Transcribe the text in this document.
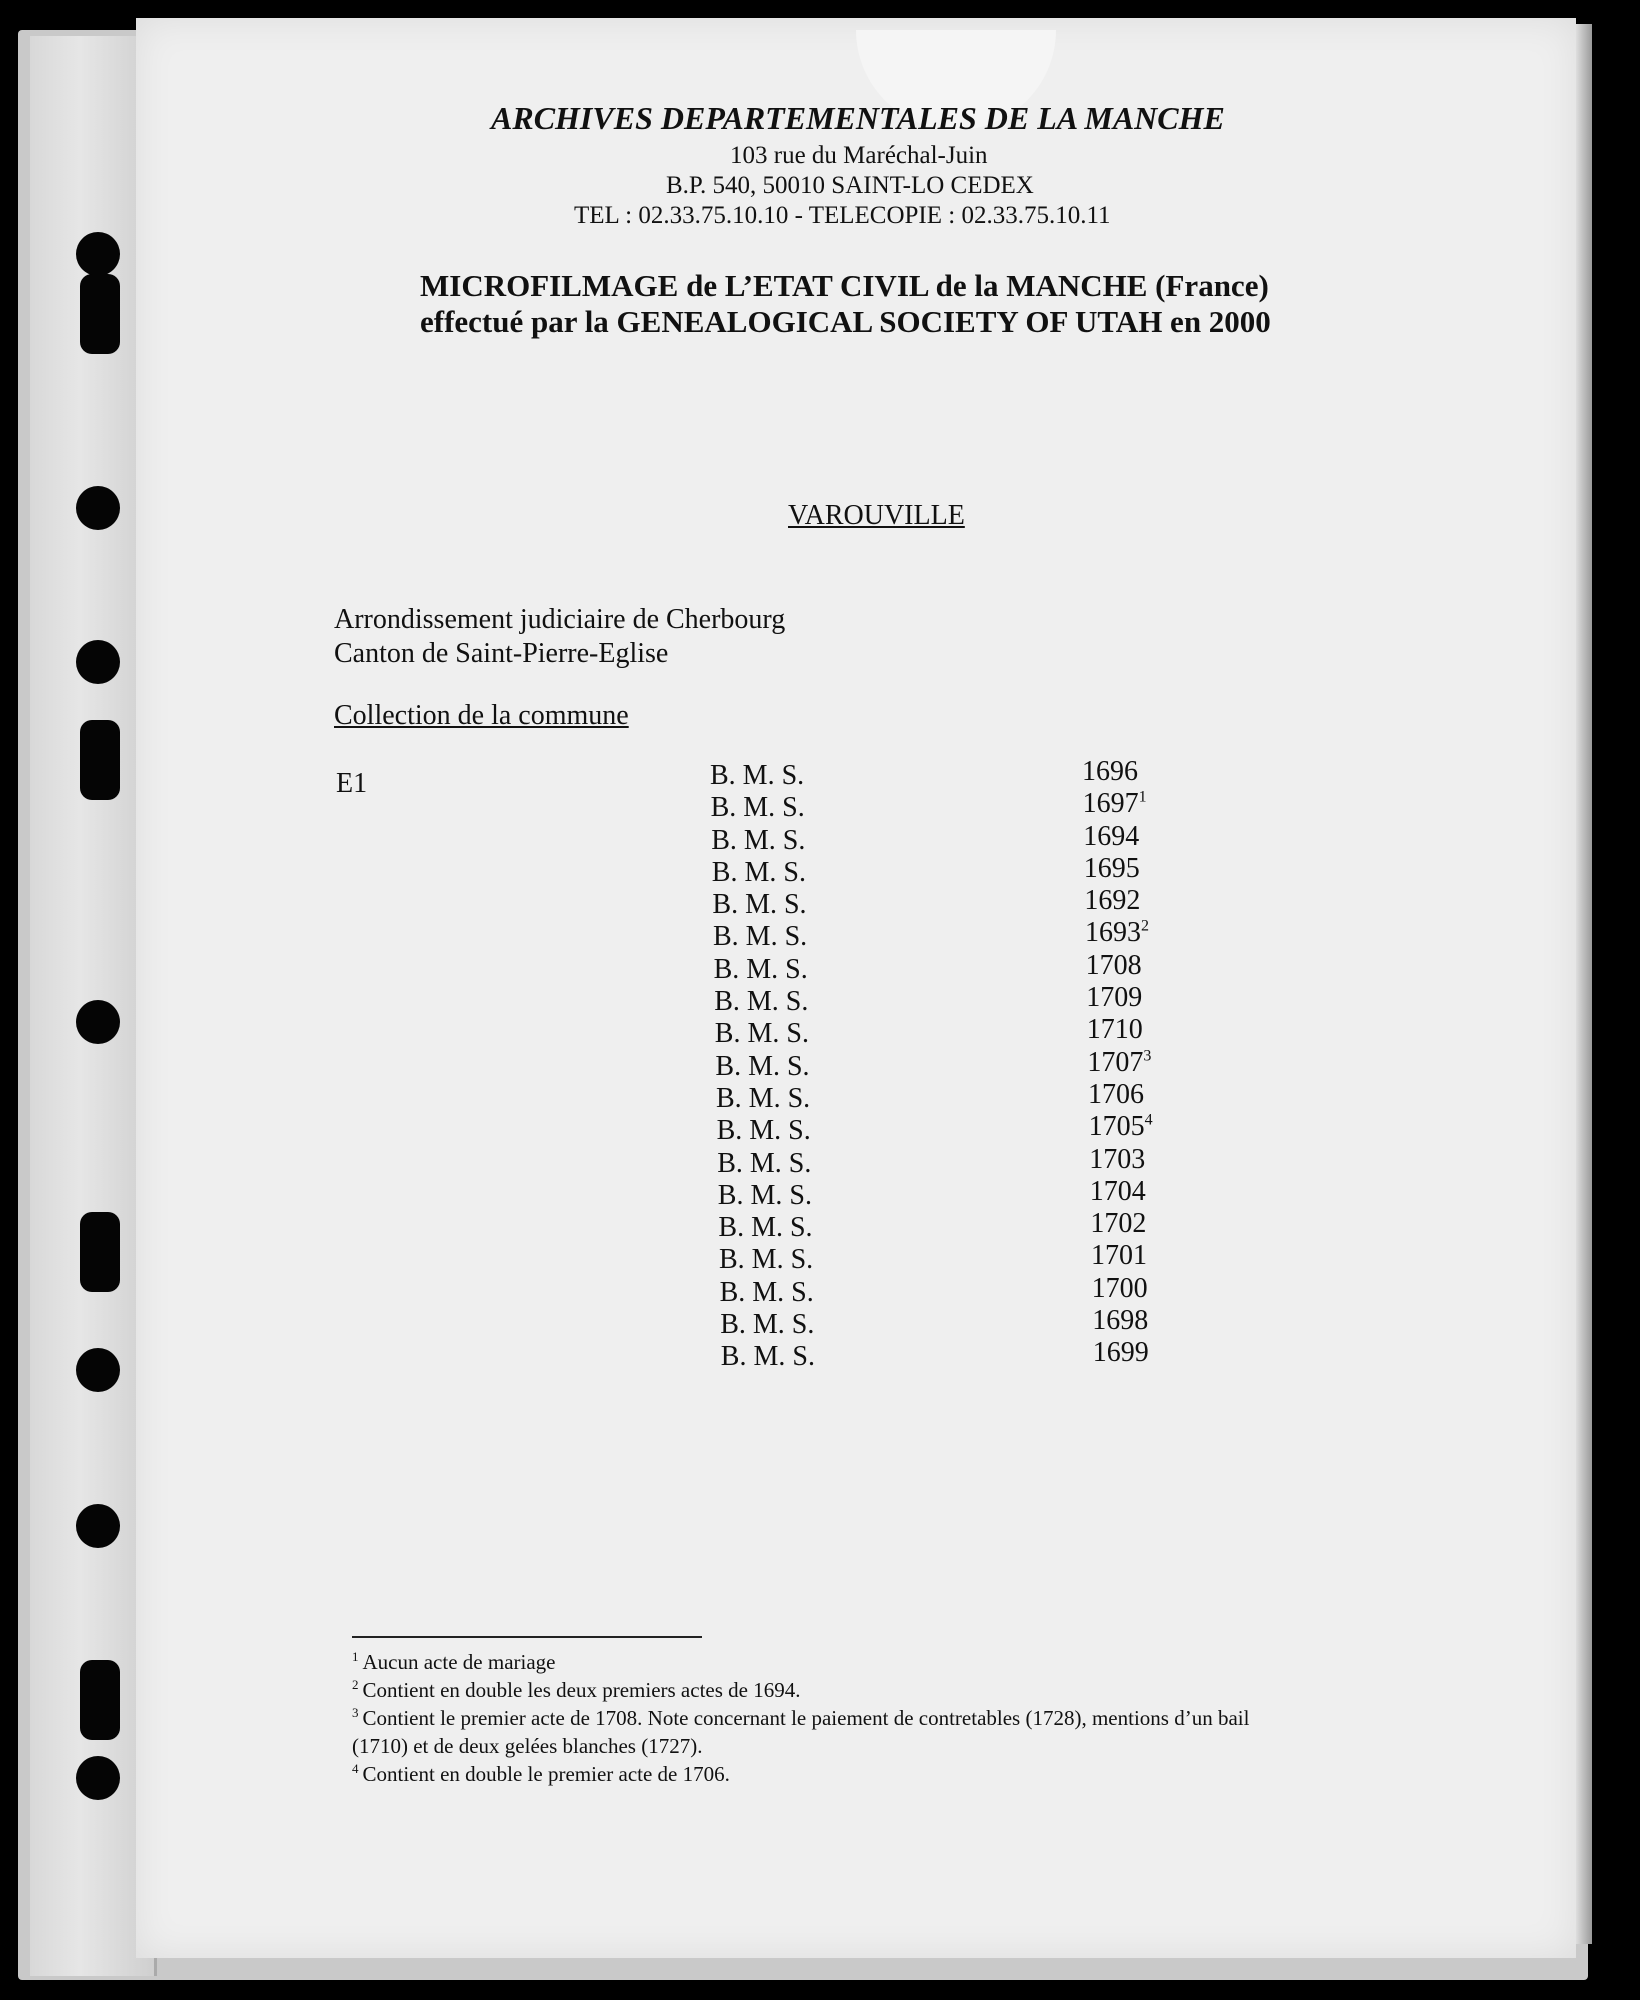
ARCHIVES DEPARTEMENTALES DE LA MANCHE
103 rue du Maréchal-Juin
B.P. 540, 50010 SAINT-LO CEDEX
TEL : 02.33.75.10.10 - TELECOPIE : 02.33.75.10.11
MICROFILMAGE de L’ETAT CIVIL de la MANCHE (France)
effectué par la GENEALOGICAL SOCIETY OF UTAH en 2000
VAROUVILLE
Arrondissement judiciaire de Cherbourg
Canton de Saint-Pierre-Eglise
Collection de la commune
E1	B. M. S.	1696
B. M. S.	1697$^1$
B. M. S.	1694
B. M. S.	1695
B. M. S.	1692
B. M. S.	1693$^2$
B. M. S.	1708
B. M. S.	1709
B. M. S.	1710
B. M. S.	1707$^3$
B. M. S.	1706
B. M. S.	1705$^4$
B. M. S.	1703
B. M. S.	1704
B. M. S.	1702
B. M. S.	1701
B. M. S.	1700
B. M. S.	1698
B. M. S.	1699
$^1$ Aucun acte de mariage
$^2$ Contient en double les deux premiers actes de 1694.
$^3$ Contient le premier acte de 1708. Note concernant le paiement de contretables (1728), mentions d’un bail
(1710) et de deux gelées blanches (1727).
$^4$ Contient en double le premier acte de 1706.
